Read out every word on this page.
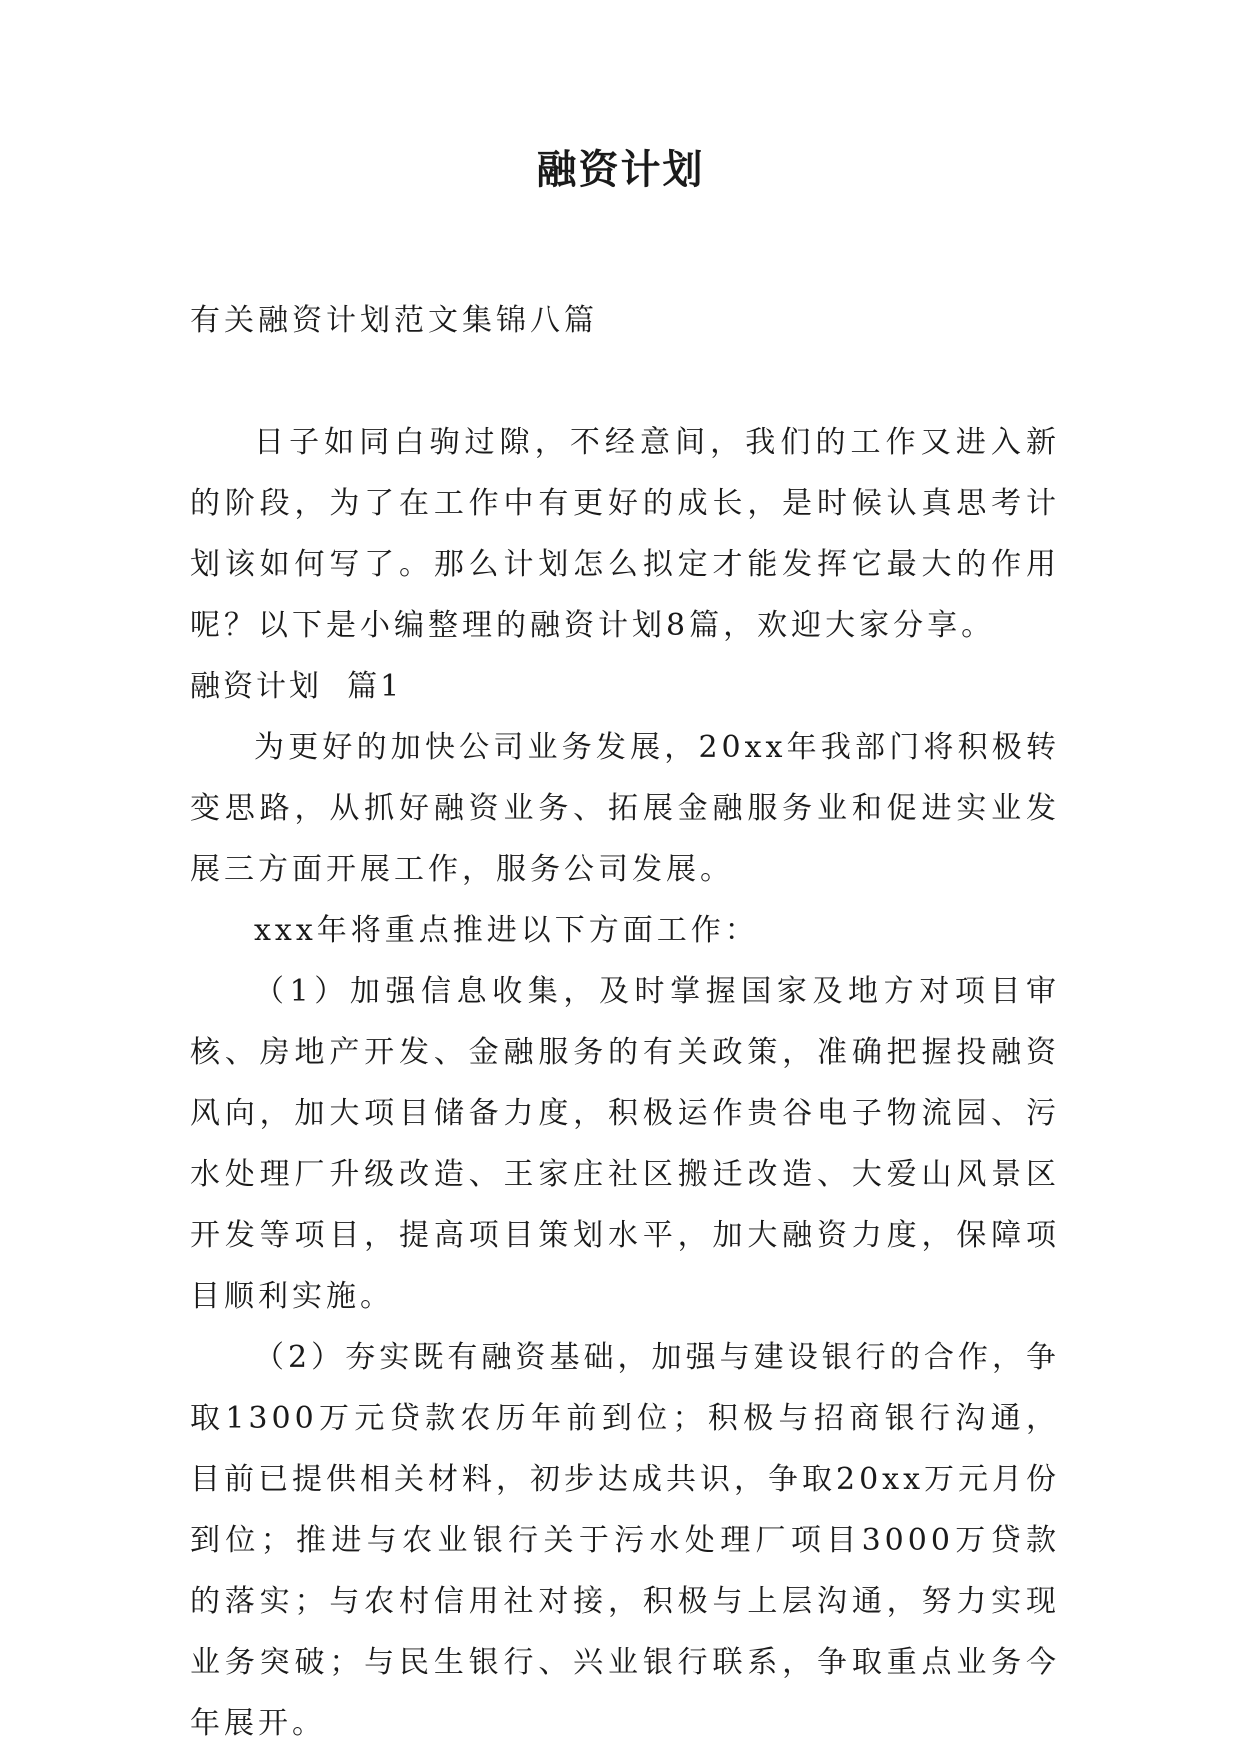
融资计划

有关融资计划范文集锦八篇

日子如同白驹过隙，不经意间，我们的工作又进入新的阶段，为了在工作中有更好的成长，是时候认真思考计划该如何写了。那么计划怎么拟定才能发挥它最大的作用呢？以下是小编整理的融资计划8篇，欢迎大家分享。

融资计划  篇1

为更好的加快公司业务发展，20xx年我部门将积极转变思路，从抓好融资业务、拓展金融服务业和促进实业发展三方面开展工作，服务公司发展。

xxx年将重点推进以下方面工作：

（1）加强信息收集，及时掌握国家及地方对项目审核、房地产开发、金融服务的有关政策，准确把握投融资风向，加大项目储备力度，积极运作贵谷电子物流园、污水处理厂升级改造、王家庄社区搬迁改造、大爱山风景区开发等项目，提高项目策划水平，加大融资力度，保障项目顺利实施。

（2）夯实既有融资基础，加强与建设银行的合作，争取1300万元贷款农历年前到位；积极与招商银行沟通，目前已提供相关材料，初步达成共识，争取20xx万元月份到位；推进与农业银行关于污水处理厂项目3000万贷款的落实；与农村信用社对接，积极与上层沟通，努力实现业务突破；与民生银行、兴业银行联系，争取重点业务今年展开。
